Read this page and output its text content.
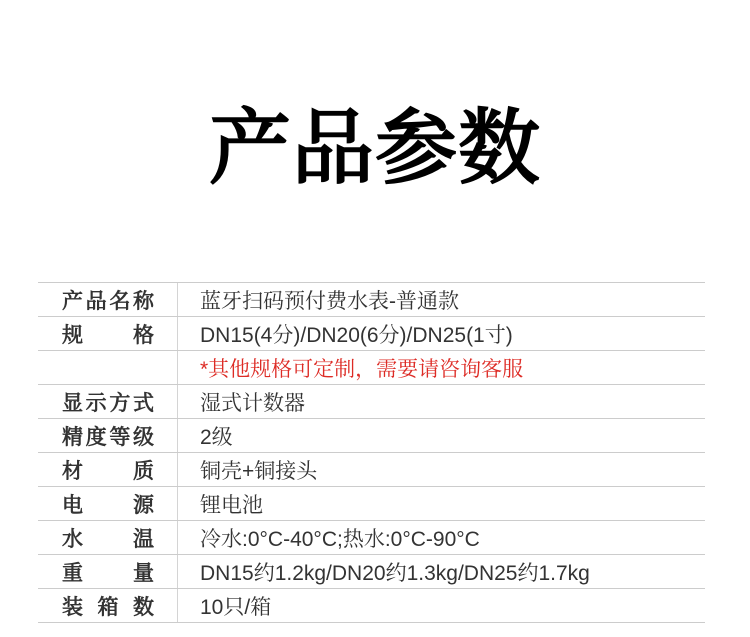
产品参数
产品名称 蓝牙扫码预付费水表-普通款
规格 DN15(4分)/DN20(6分)/DN25(1寸)
*其他规格可定制，需要请咨询客服
显示方式 湿式计数器
精度等级 2级
材质 铜壳+铜接头
电源 锂电池
水温 冷水:0°C-40°C;热水:0°C-90°C
重量 DN15约1.2kg/DN20约1.3kg/DN25约1.7kg
装箱数 10只/箱
